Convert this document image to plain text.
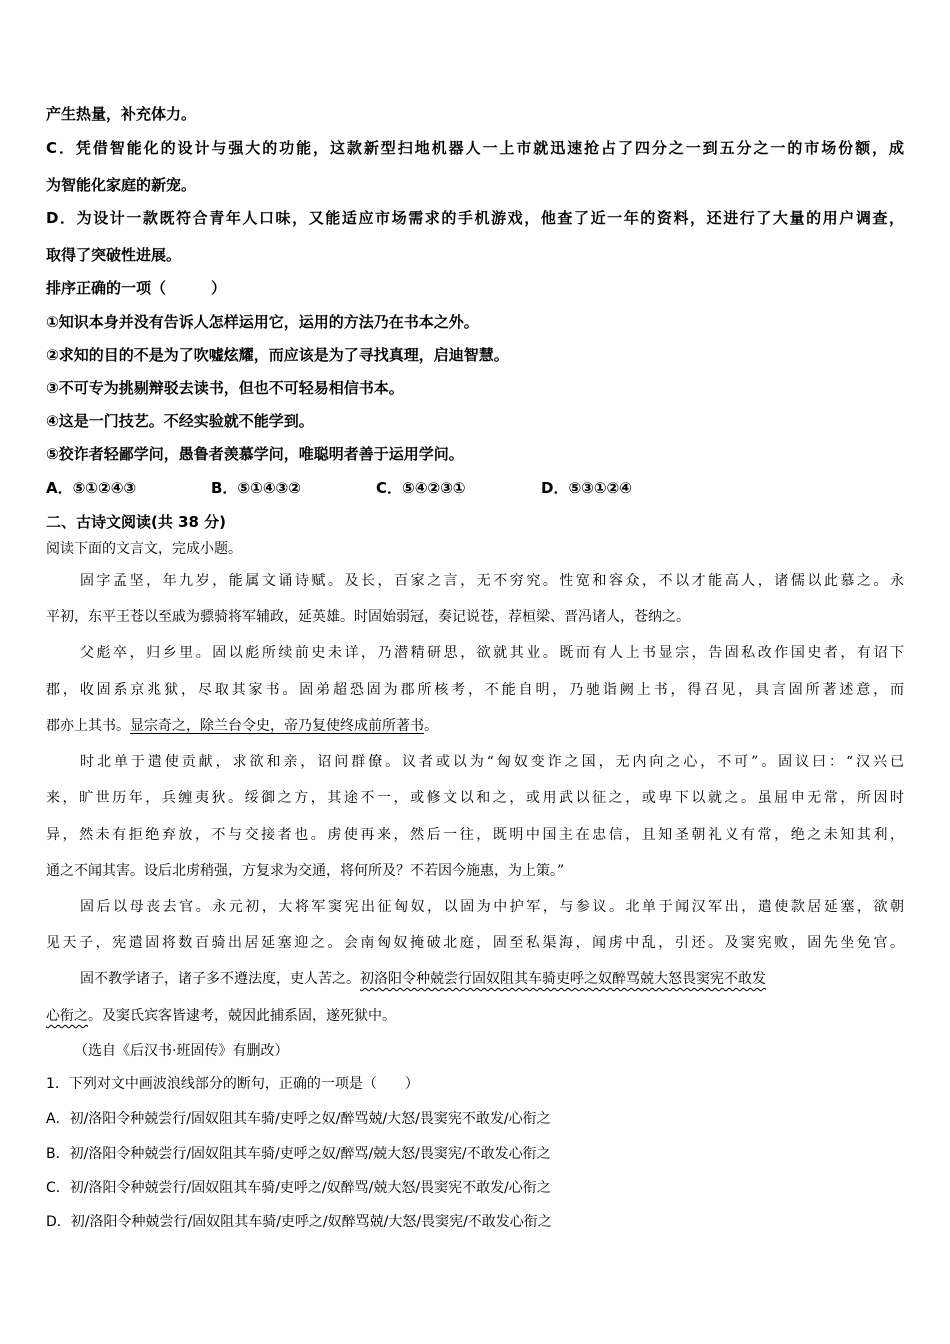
产生热量，补充体力。
C．凭借智能化的设计与强大的功能，这款新型扫地机器人一上市就迅速抢占了四分之一到五分之一的市场份额，成
为智能化家庭的新宠。
D．为设计一款既符合青年人口味，又能适应市场需求的手机游戏，他查了近一年的资料，还进行了大量的用户调查，
取得了突破性进展。
排序正确的一项（　　　）
①知识本身并没有告诉人怎样运用它，运用的方法乃在书本之外。
②求知的目的不是为了吹嘘炫耀，而应该是为了寻找真理，启迪智慧。
③不可专为挑剔辩驳去读书，但也不可轻易相信书本。
④这是一门技艺。不经实验就不能学到。
⑤狡诈者轻鄙学问，愚鲁者羡慕学问，唯聪明者善于运用学问。
A．⑤①②④③	B．⑤①④③②	C．⑤④②③①	D．⑤③①②④
二、古诗文阅读(共 38 分)
阅读下面的文言文，完成小题。
固字孟坚，年九岁，能属文诵诗赋。及长，百家之言，无不穷究。性宽和容众，不以才能高人，诸儒以此慕之。永
平初，东平王苍以至戚为骠骑将军辅政，延英雄。时固始弱冠，奏记说苍，荐桓梁、晋冯诸人，苍纳之。
父彪卒，归乡里。固以彪所续前史未详，乃潜精研思，欲就其业。既而有人上书显宗，告固私改作国史者，有诏下
郡，收固系京兆狱，尽取其家书。固弟超恐固为郡所核考，不能自明，乃驰诣阙上书，得召见，具言固所著述意，而
郡亦上其书。显宗奇之，除兰台令史，帝乃复使终成前所著书。
时北单于遣使贡献，求欲和亲，诏问群僚。议者或以为“匈奴变诈之国，无内向之心，不可”。固议曰：“汉兴已
来，旷世历年，兵缠夷狄。绥御之方，其途不一，或修文以和之，或用武以征之，或卑下以就之。虽屈申无常，所因时
异，然未有拒绝弃放，不与交接者也。虏使再来，然后一往，既明中国主在忠信，且知圣朝礼义有常，绝之未知其利，
通之不闻其害。设后北虏稍强，方复求为交通，将何所及？不若因今施惠，为上策。”
固后以母丧去官。永元初，大将军窦宪出征匈奴，以固为中护军，与参议。北单于闻汉军出，遣使款居延塞，欲朝
见天子，宪遣固将数百骑出居延塞迎之。会南匈奴掩破北庭，固至私渠海，闻虏中乱，引还。及窦宪败，固先坐免官。
固不教学诸子，诸子多不遵法度，吏人苦之。初洛阳令种兢尝行固奴阻其车骑吏呼之奴醉骂兢大怒畏窦宪不敢发
心衔之。及窦氏宾客皆逮考，兢因此捕系固，遂死狱中。
（选自《后汉书·班固传》有删改）
1．下列对文中画波浪线部分的断句，正确的一项是（　　）
A．初/洛阳令种兢尝行/固奴阻其车骑/吏呼之奴/醉骂兢/大怒/畏窦宪不敢发/心衔之
B．初/洛阳令种兢尝行/固奴阻其车骑/吏呼之奴/醉骂/兢大怒/畏窦宪/不敢发心衔之
C．初/洛阳令种兢尝行/固奴阻其车骑/吏呼之/奴醉骂/兢大怒/畏窦宪不敢发/心衔之
D．初/洛阳令种兢尝行/固奴阻其车骑/吏呼之/奴醉骂兢/大怒/畏窦宪/不敢发心衔之
